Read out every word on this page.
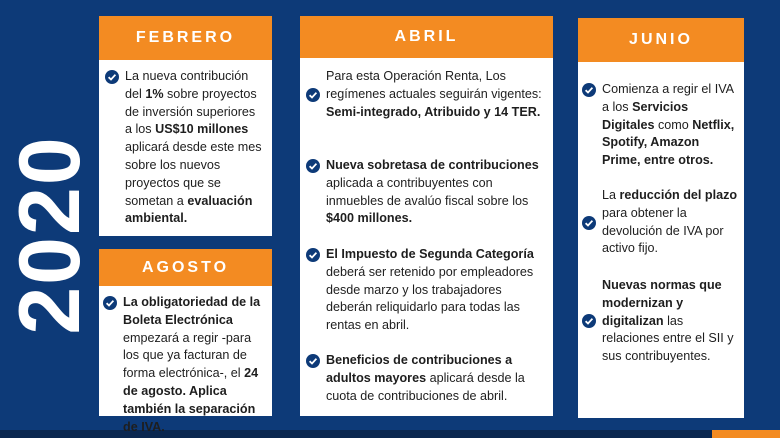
2020
FEBRERO
La nueva contribución del 1% sobre proyectos de inversión superiores a los US$10 millones aplicará desde este mes sobre los nuevos proyectos que se sometan a evaluación ambiental.
AGOSTO
La obligatoriedad de la Boleta Electrónica empezará a regir -para los que ya facturan de forma electrónica-, el 24 de agosto. Aplica también la separación de IVA.
ABRIL
Para esta Operación Renta, Los regímenes actuales seguirán vigentes: Semi-integrado, Atribuido y 14 TER.
Nueva sobretasa de contribuciones aplicada a contribuyentes con inmuebles de avalúo fiscal sobre los $400 millones.
El Impuesto de Segunda Categoría deberá ser retenido por empleadores desde marzo y los trabajadores deberán reliquidarlo para todas las rentas en abril.
Beneficios de contribuciones a adultos mayores aplicará desde la cuota de contribuciones de abril.
JUNIO
Comienza a regir el IVA a los Servicios Digitales como Netflix, Spotify, Amazon Prime, entre otros.
La reducción del plazo para obtener la devolución de IVA por activo fijo.
Nuevas normas que modernizan y digitalizan las relaciones entre el SII y sus contribuyentes.
